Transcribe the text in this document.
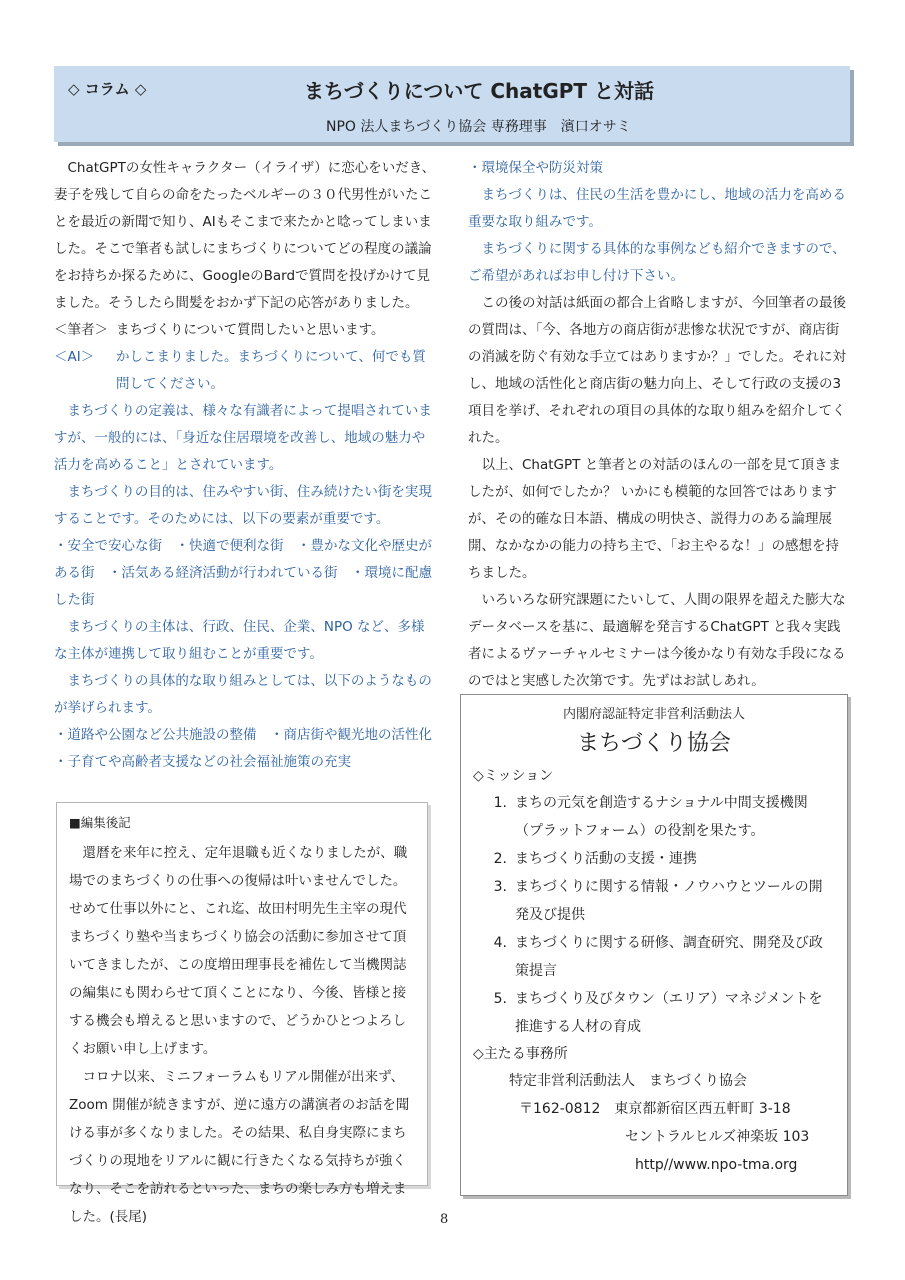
◇ コラム ◇	まちづくりについて ChatGPT と対話
NPO 法人まちづくり協会 専務理事　濱口オサミ

ChatGPTの女性キャラクター（イライザ）に恋心をいだき、妻子を残して自らの命をたったベルギーの３０代男性がいたことを最近の新聞で知り、AIもそこまで来たかと唸ってしまいました。そこで筆者も試しにまちづくりについてどの程度の議論をお持ちか探るために、GoogleのBardで質問を投げかけて見ました。そうしたら間髪をおかず下記の応答がありました。

＜筆者＞ まちづくりについて質問したいと思います。
＜AI＞	かしこまりました。まちづくりについて、何でも質問してください。

まちづくりの定義は、様々な有識者によって提唱されていますが、一般的には、「身近な住居環境を改善し、地域の魅力や活力を高めること」とされています。

まちづくりの目的は、住みやすい街、住み続けたい街を実現することです。そのためには、以下の要素が重要です。

・安全で安心な街　・快適で便利な街　・豊かな文化や歴史がある街　・活気ある経済活動が行われている街　・環境に配慮した街

まちづくりの主体は、行政、住民、企業、NPO など、多様な主体が連携して取り組むことが重要です。

まちづくりの具体的な取り組みとしては、以下のようなものが挙げられます。

・道路や公園など公共施設の整備　・商店街や観光地の活性化

・子育てや高齢者支援などの社会福祉施策の充実

・環境保全や防災対策

まちづくりは、住民の生活を豊かにし、地域の活力を高める重要な取り組みです。

まちづくりに関する具体的な事例なども紹介できますので、ご希望があればお申し付け下さい。

この後の対話は紙面の都合上省略しますが、今回筆者の最後の質問は、「今、各地方の商店街が悲惨な状況ですが、商店街の消滅を防ぐ有効な手立てはありますか？」でした。それに対し、地域の活性化と商店街の魅力向上、そして行政の支援の3項目を挙げ、それぞれの項目の具体的な取り組みを紹介してくれた。

以上、ChatGPT と筆者との対話のほんの一部を見て頂きましたが、如何でしたか？ いかにも模範的な回答ではありますが、その的確な日本語、構成の明快さ、説得力のある論理展開、なかなかの能力の持ち主で、「お主やるな！」の感想を持ちました。

いろいろな研究課題にたいして、人間の限界を超えた膨大なデータベースを基に、最適解を発言するChatGPT と我々実践者によるヴァーチャルセミナーは今後かなり有効な手段になるのではと実感した次第です。先ずはお試しあれ。

■編集後記

還暦を来年に控え、定年退職も近くなりましたが、職場でのまちづくりの仕事への復帰は叶いませんでした。せめて仕事以外にと、これ迄、故田村明先生主宰の現代まちづくり塾や当まちづくり協会の活動に参加させて頂いてきましたが、この度増田理事長を補佐して当機関誌の編集にも関わらせて頂くことになり、今後、皆様と接する機会も増えると思いますので、どうかひとつよろしくお願い申し上げます。

コロナ以来、ミニフォーラムもリアル開催が出来ず、Zoom 開催が続きますが、逆に遠方の講演者のお話を聞ける事が多くなりました。その結果、私自身実際にまちづくりの現地をリアルに観に行きたくなる気持ちが強くなり、そこを訪れるといった、まちの楽しみ方も増えました。(長尾)

内閣府認証特定非営利活動法人

まちづくり協会

◇ミッション

1. まちの元気を創造するナショナル中間支援機関（プラットフォーム）の役割を果たす。
2. まちづくり活動の支援・連携
3. まちづくりに関する情報・ノウハウとツールの開発及び提供
4. まちづくりに関する研修、調査研究、開発及び政策提言
5. まちづくり及びタウン（エリア）マネジメントを推進する人材の育成

◇主たる事務所

特定非営利活動法人　まちづくり協会

〒162-0812　東京都新宿区西五軒町 3-18

セントラルヒルズ神楽坂 103

http//www.npo-tma.org

8
